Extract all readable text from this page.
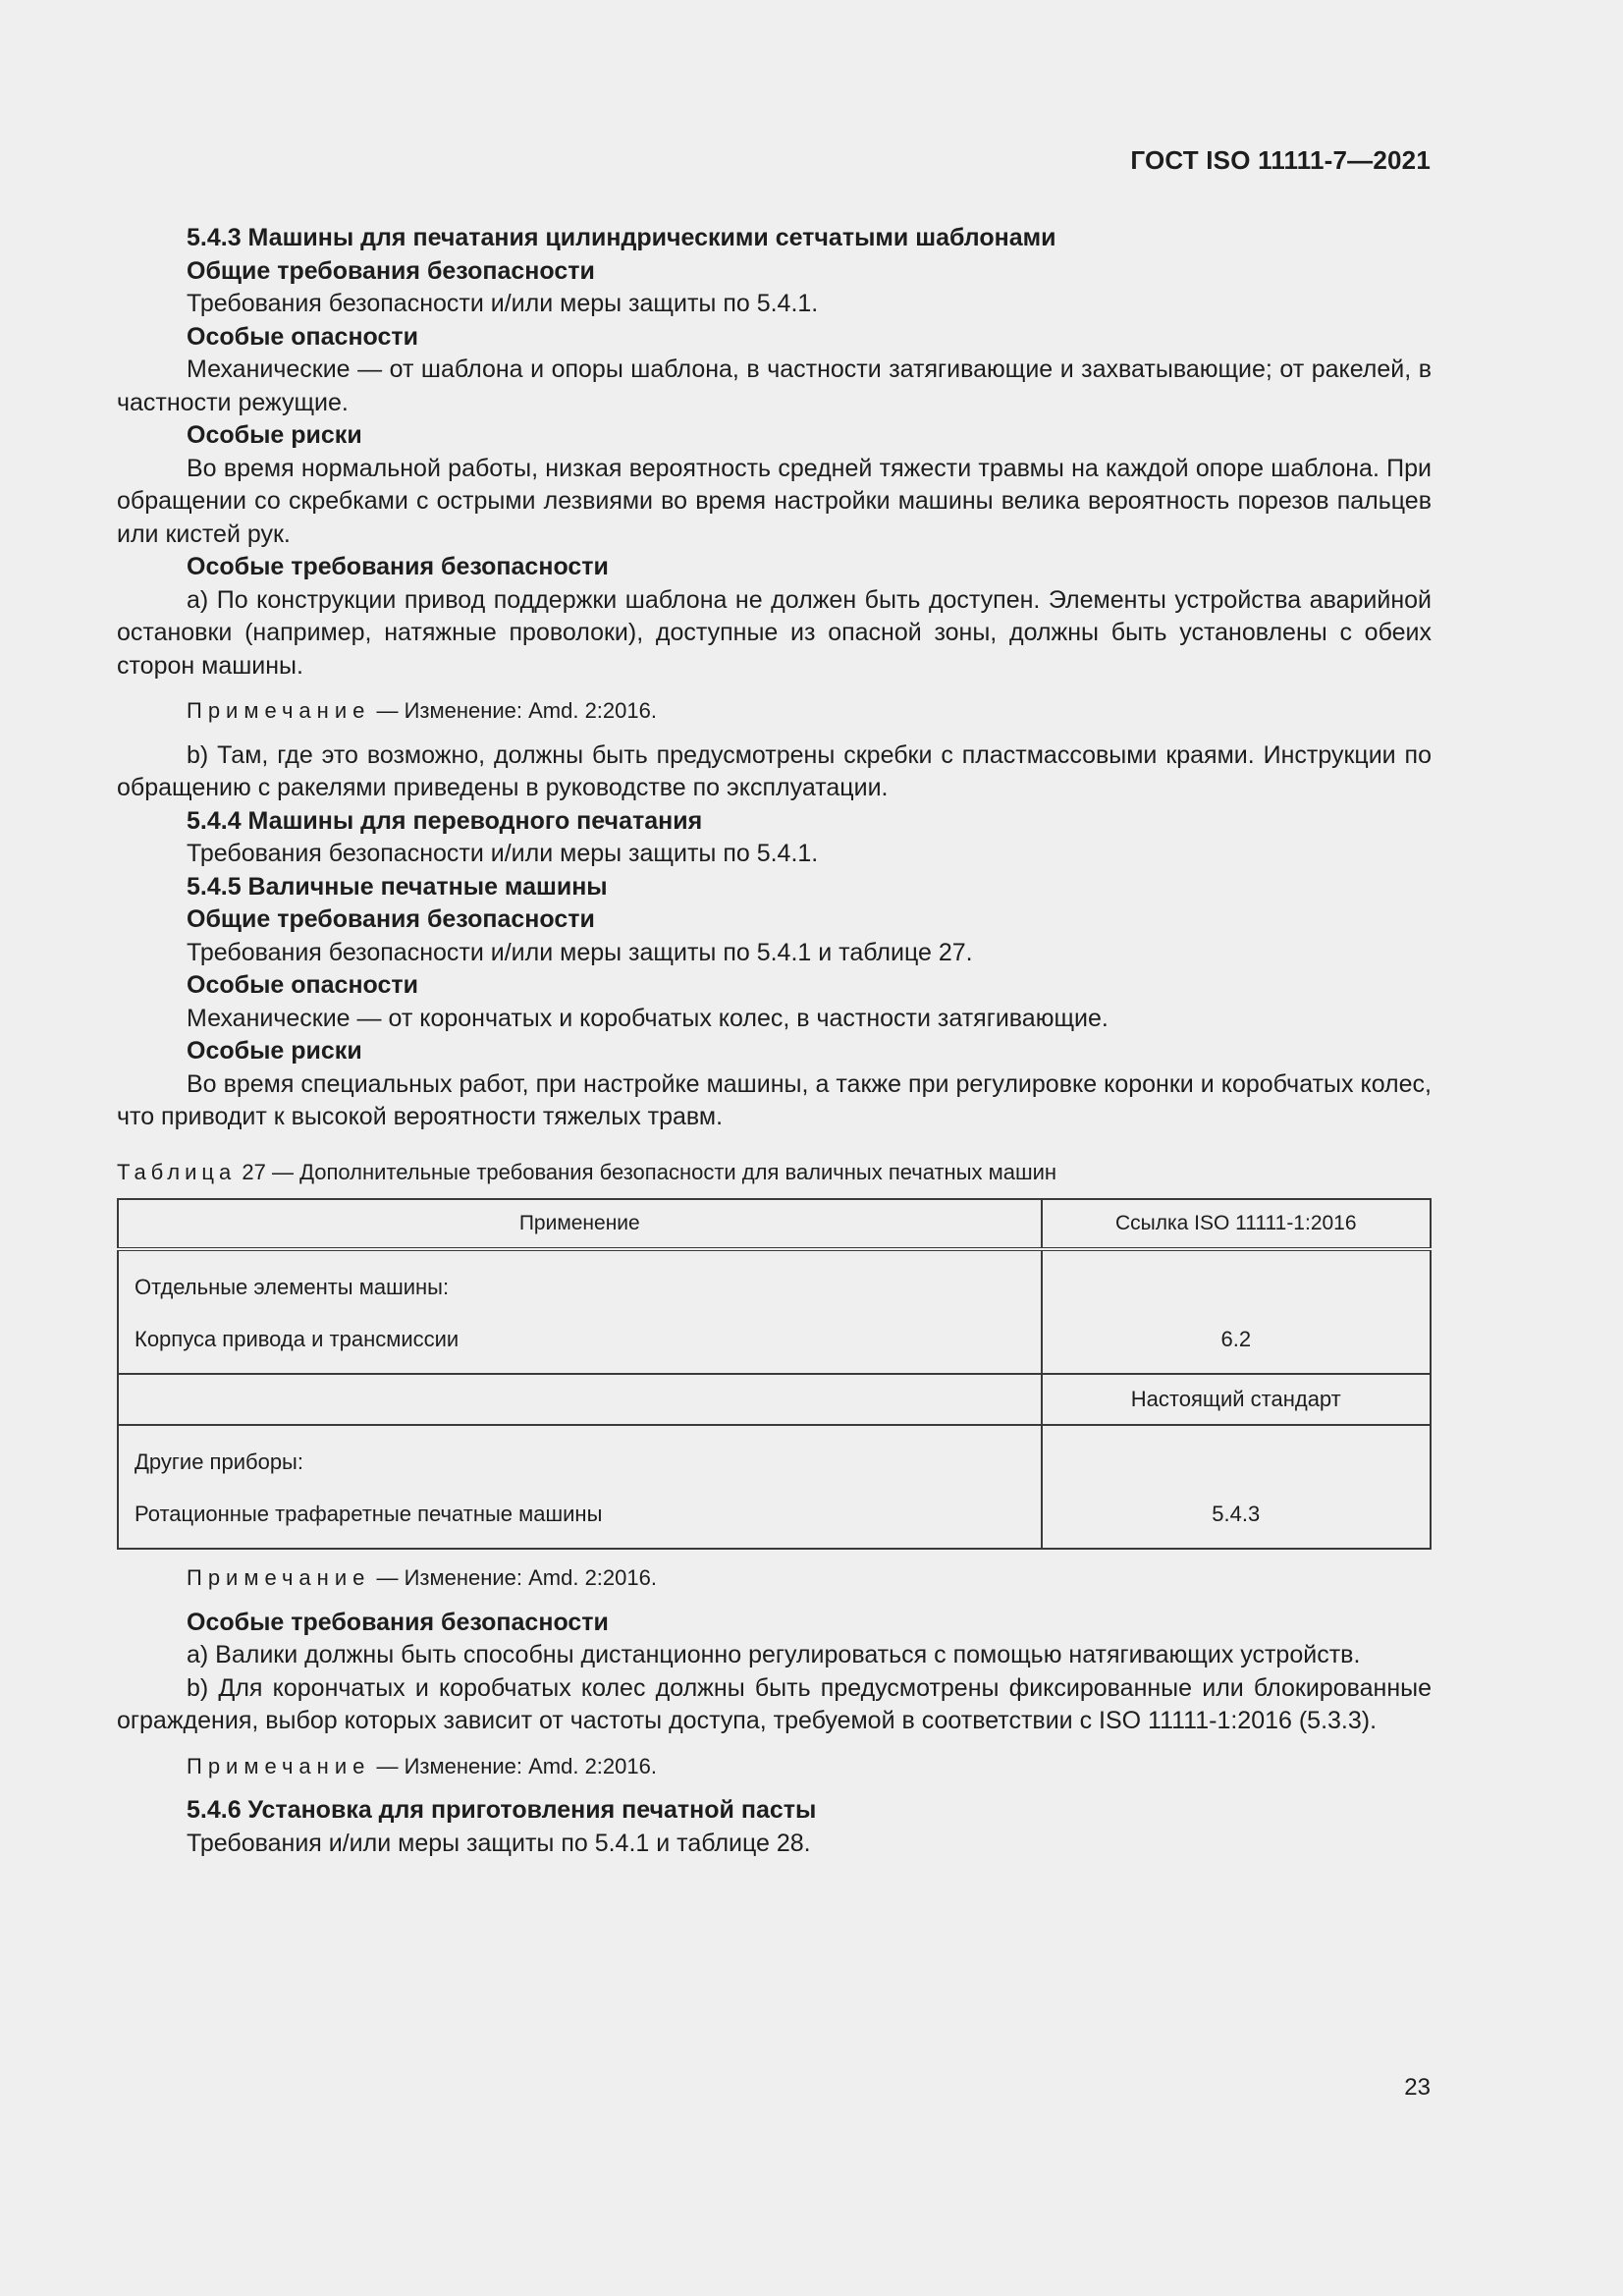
ГОСТ ISO 11111-7—2021

5.4.3 Машины для печатания цилиндрическими сетчатыми шаблонами

Общие требования безопасности

Требования безопасности и/или меры защиты по 5.4.1.

Особые опасности

Механические — от шаблона и опоры шаблона, в частности затягивающие и захватывающие; от ракелей, в частности режущие.

Особые риски

Во время нормальной работы, низкая вероятность средней тяжести травмы на каждой опоре шаблона. При обращении со скребками с острыми лезвиями во время настройки машины велика вероятность порезов пальцев или кистей рук.

Особые требования безопасности

a) По конструкции привод поддержки шаблона не должен быть доступен. Элементы устройства аварийной остановки (например, натяжные проволоки), доступные из опасной зоны, должны быть установлены с обеих сторон машины.

Примечание — Изменение: Amd. 2:2016.

b) Там, где это возможно, должны быть предусмотрены скребки с пластмассовыми краями. Инструкции по обращению с ракелями приведены в руководстве по эксплуатации.

5.4.4 Машины для переводного печатания

Требования безопасности и/или меры защиты по 5.4.1.

5.4.5 Валичные печатные машины

Общие требования безопасности

Требования безопасности и/или меры защиты по 5.4.1 и таблице 27.

Особые опасности

Механические — от корончатых и коробчатых колес, в частности затягивающие.

Особые риски

Во время специальных работ, при настройке машины, а также при регулировке коронки и коробчатых колес, что приводит к высокой вероятности тяжелых травм.

Таблица 27 — Дополнительные требования безопасности для валичных печатных машин

Применение	Ссылка ISO 11111-1:2016

Отдельные элементы машины:
Корпуса привода и трансмиссии	6.2
	Настоящий стандарт

Другие приборы:
Ротационные трафаретные печатные машины	5.4.3

Примечание — Изменение: Amd. 2:2016.

Особые требования безопасности

a) Валики должны быть способны дистанционно регулироваться с помощью натягивающих устройств.

b) Для корончатых и коробчатых колес должны быть предусмотрены фиксированные или блокированные ограждения, выбор которых зависит от частоты доступа, требуемой в соответствии с ISO 11111-1:2016 (5.3.3).

Примечание — Изменение: Amd. 2:2016.

5.4.6 Установка для приготовления печатной пасты

Требования и/или меры защиты по 5.4.1 и таблице 28.

23
